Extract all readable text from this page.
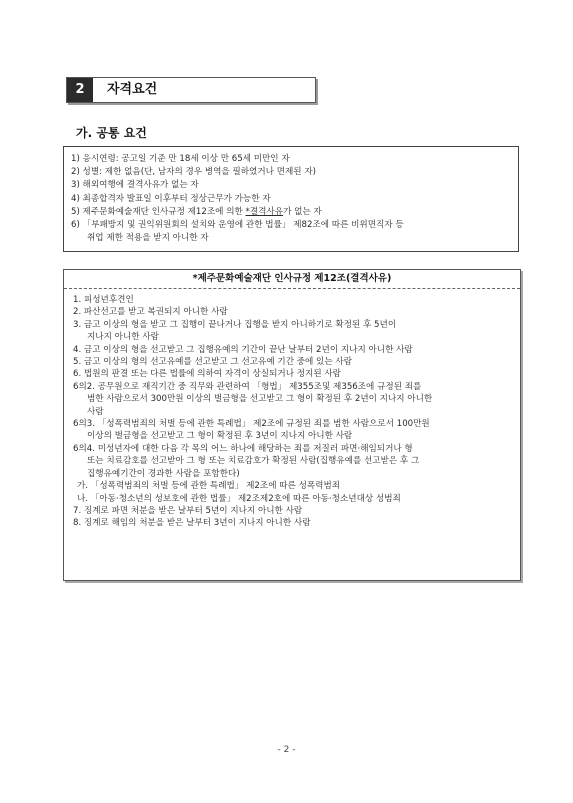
2	자격요건
가. 공통 요건
1) 응시연령: 공고일 기준 만 18세 이상 만 65세 미만인 자
2) 성별: 제한 없음(단, 남자의 경우 병역을 필하였거나 면제된 자)
3) 해외여행에 결격사유가 없는 자
4) 최종합격자 발표일 이후부터 정상근무가 가능한 자
5) 제주문화예술재단 인사규정 제12조에 의한 *결격사유가 없는 자
6) 「부패방지 및 권익위원회의 설치와 운영에 관한 법률」 제82조에 따른 비위면직자 등
취업 제한 적용을 받지 아니한 자
*제주문화예술재단 인사규정 제12조(결격사유)
1. 피성년후견인
2. 파산선고를 받고 복권되지 아니한 사람
3. 금고 이상의 형을 받고 그 집행이 끝나거나 집행을 받지 아니하기로 확정된 후 5년이
지나지 아니한 사람
4. 금고 이상의 형을 선고받고 그 집행유예의 기간이 끝난 날부터 2년이 지나지 아니한 사람
5. 금고 이상의 형의 선고유예를 선고받고 그 선고유예 기간 중에 있는 사람
6. 법원의 판결 또는 다른 법률에 의하여 자격이 상실되거나 정지된 사람
6의2. 공무원으로 재직기간 중 직무와 관련하여 「형법」 제355조및 제356조에 규정된 죄를
범한 사람으로서 300만원 이상의 벌금형을 선고받고 그 형이 확정된 후 2년이 지나지 아니한
사람
6의3. 「성폭력범죄의 처벌 등에 관한 특례법」 제2조에 규정된 죄를 범한 사람으로서 100만원
이상의 벌금형을 선고받고 그 형이 확정된 후 3년이 지나지 아니한 사람
6의4. 미성년자에 대한 다음 각 목의 어느 하나에 해당하는 죄를 저질러 파면·해임되거나 형
또는 치료감호를 선고받아 그 형 또는 치료감호가 확정된 사람(집행유예를 선고받은 후 그
집행유예기간이 경과한 사람을 포함한다)
가. 「성폭력범죄의 처벌 등에 관한 특례법」 제2조에 따른 성폭력범죄
나. 「아동·청소년의 성보호에 관한 법률」 제2조제2호에 따른 아동·청소년대상 성범죄
7. 징계로 파면 처분을 받은 날부터 5년이 지나지 아니한 사람
8. 징계로 해임의 처분을 받은 날부터 3년이 지나지 아니한 사람
- 2 -
